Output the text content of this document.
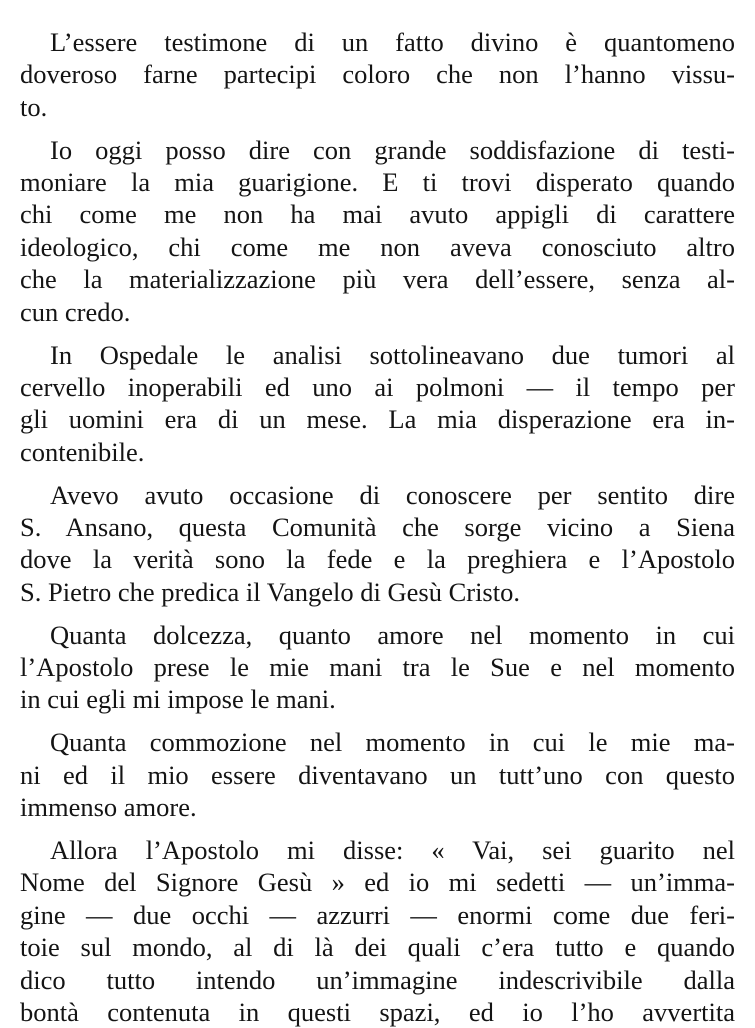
L’essere testimone di un fatto divino è quantomeno
doveroso farne partecipi coloro che non l’hanno vissu-
to.
Io oggi posso dire con grande soddisfazione di testi-
moniare la mia guarigione. E ti trovi disperato quando
chi come me non ha mai avuto appigli di carattere
ideologico, chi come me non aveva conosciuto altro
che la materializzazione più vera dell’essere, senza al-
cun credo.
In Ospedale le analisi sottolineavano due tumori al
cervello inoperabili ed uno ai polmoni — il tempo per
gli uomini era di un mese. La mia disperazione era in-
contenibile.
Avevo avuto occasione di conoscere per sentito dire
S. Ansano, questa Comunità che sorge vicino a Siena
dove la verità sono la fede e la preghiera e l’Apostolo
S. Pietro che predica il Vangelo di Gesù Cristo.
Quanta dolcezza, quanto amore nel momento in cui
l’Apostolo prese le mie mani tra le Sue e nel momento
in cui egli mi impose le mani.
Quanta commozione nel momento in cui le mie ma-
ni ed il mio essere diventavano un tutt’uno con questo
immenso amore.
Allora l’Apostolo mi disse: « Vai, sei guarito nel
Nome del Signore Gesù » ed io mi sedetti — un’imma-
gine — due occhi — azzurri — enormi come due feri-
toie sul mondo, al di là dei quali c’era tutto e quando
dico tutto intendo un’immagine indescrivibile dalla
bontà contenuta in questi spazi, ed io l’ho avvertita
